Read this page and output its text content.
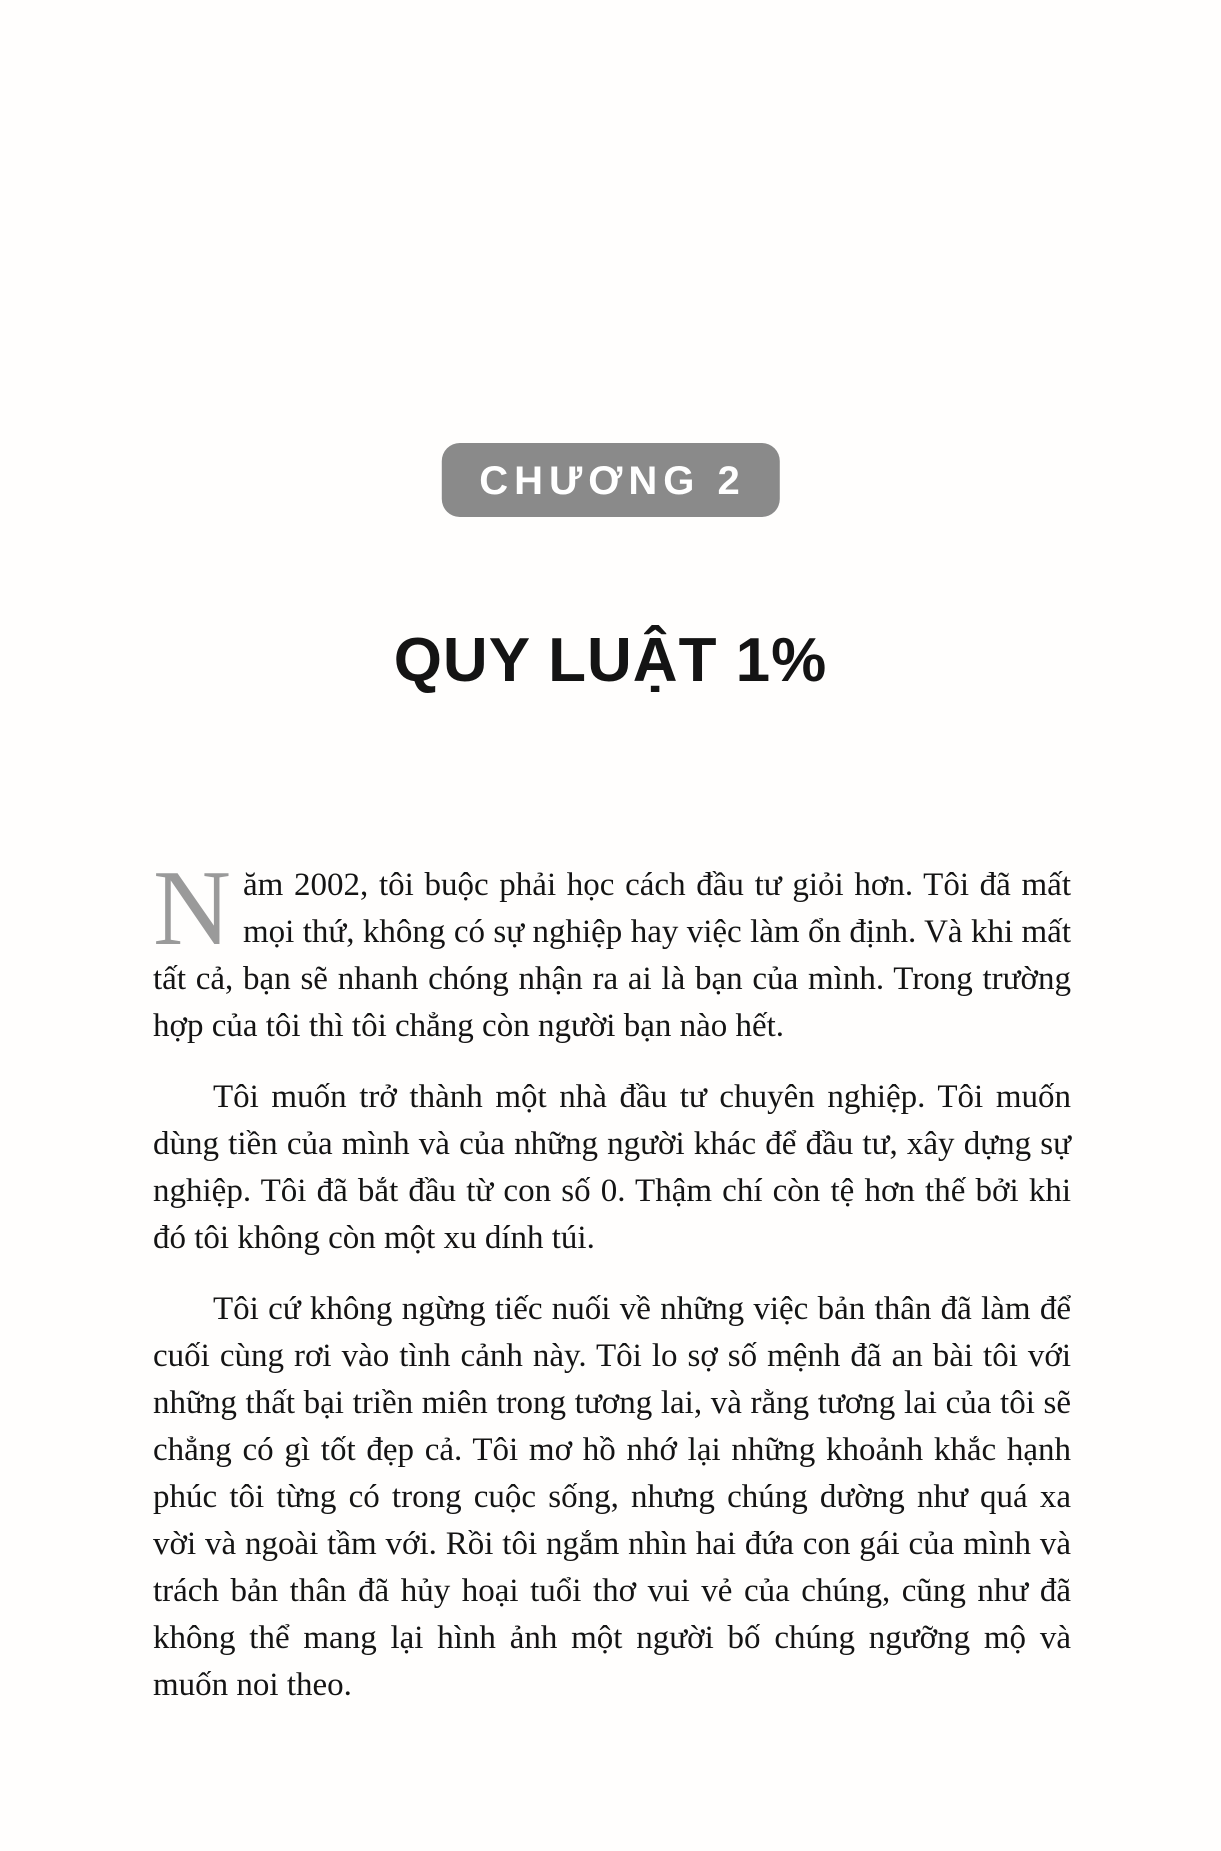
CHƯƠNG 2
QUY LUẬT 1%

Năm 2002, tôi buộc phải học cách đầu tư giỏi hơn. Tôi đã mất mọi thứ, không có sự nghiệp hay việc làm ổn định. Và khi mất tất cả, bạn sẽ nhanh chóng nhận ra ai là bạn của mình. Trong trường hợp của tôi thì tôi chẳng còn người bạn nào hết.

Tôi muốn trở thành một nhà đầu tư chuyên nghiệp. Tôi muốn dùng tiền của mình và của những người khác để đầu tư, xây dựng sự nghiệp. Tôi đã bắt đầu từ con số 0. Thậm chí còn tệ hơn thế bởi khi đó tôi không còn một xu dính túi.

Tôi cứ không ngừng tiếc nuối về những việc bản thân đã làm để cuối cùng rơi vào tình cảnh này. Tôi lo sợ số mệnh đã an bài tôi với những thất bại triền miên trong tương lai, và rằng tương lai của tôi sẽ chẳng có gì tốt đẹp cả. Tôi mơ hồ nhớ lại những khoảnh khắc hạnh phúc tôi từng có trong cuộc sống, nhưng chúng dường như quá xa vời và ngoài tầm với. Rồi tôi ngắm nhìn hai đứa con gái của mình và trách bản thân đã hủy hoại tuổi thơ vui vẻ của chúng, cũng như đã không thể mang lại hình ảnh một người bố chúng ngưỡng mộ và muốn noi theo.
